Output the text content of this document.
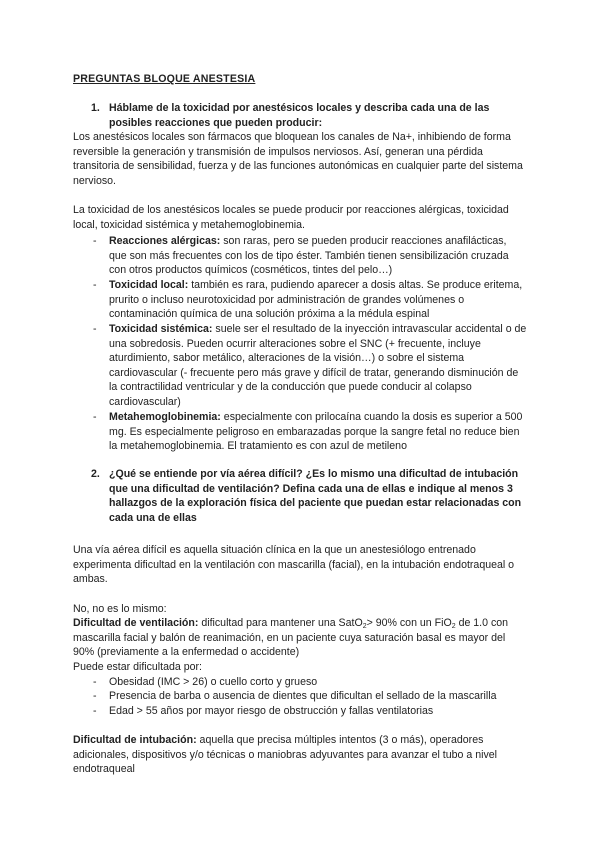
PREGUNTAS BLOQUE ANESTESIA
1. Háblame de la toxicidad por anestésicos locales y describa cada una de las posibles reacciones que pueden producir:
Los anestésicos locales son fármacos que bloquean los canales de Na+, inhibiendo de forma reversible la generación y transmisión de impulsos nerviosos. Así, generan una pérdida transitoria de sensibilidad, fuerza y de las funciones autonómicas en cualquier parte del sistema nervioso.
La toxicidad de los anestésicos locales se puede producir por reacciones alérgicas, toxicidad local, toxicidad sistémica y metahemoglobinemia.
-	Reacciones alérgicas: son raras, pero se pueden producir reacciones anafilácticas, que son más frecuentes con los de tipo éster. También tienen sensibilización cruzada con otros productos químicos (cosméticos, tintes del pelo…)
-	Toxicidad local: también es rara, pudiendo aparecer a dosis altas. Se produce eritema, prurito o incluso neurotoxicidad por administración de grandes volúmenes o contaminación química de una solución próxima a la médula espinal
-	Toxicidad sistémica: suele ser el resultado de la inyección intravascular accidental o de una sobredosis. Pueden ocurrir alteraciones sobre el SNC (+ frecuente, incluye aturdimiento, sabor metálico, alteraciones de la visión…) o sobre el sistema cardiovascular (- frecuente pero más grave y difícil de tratar, generando disminución de la contractilidad ventricular y de la conducción que puede conducir al colapso cardiovascular)
-	Metahemoglobinemia: especialmente con prilocaína cuando la dosis es superior a 500 mg. Es especialmente peligroso en embarazadas porque la sangre fetal no reduce bien la metahemoglobinemia. El tratamiento es con azul de metileno
2. ¿Qué se entiende por vía aérea difícil? ¿Es lo mismo una dificultad de intubación que una dificultad de ventilación? Defina cada una de ellas e indique al menos 3 hallazgos de la exploración física del paciente que puedan estar relacionadas con cada una de ellas
Una vía aérea difícil es aquella situación clínica en la que un anestesiólogo entrenado experimenta dificultad en la ventilación con mascarilla (facial), en la intubación endotraqueal o ambas.
No, no es lo mismo:
Dificultad de ventilación: dificultad para mantener una SatO$_2$> 90% con un FiO$_2$ de 1.0 con mascarilla facial y balón de reanimación, en un paciente cuya saturación basal es mayor del 90% (previamente a la enfermedad o accidente)
Puede estar dificultada por:
-	Obesidad (IMC > 26) o cuello corto y grueso
-	Presencia de barba o ausencia de dientes que dificultan el sellado de la mascarilla
-	Edad > 55 años por mayor riesgo de obstrucción y fallas ventilatorias
Dificultad de intubación: aquella que precisa múltiples intentos (3 o más), operadores adicionales, dispositivos y/o técnicas o maniobras adyuvantes para avanzar el tubo a nivel endotraqueal
